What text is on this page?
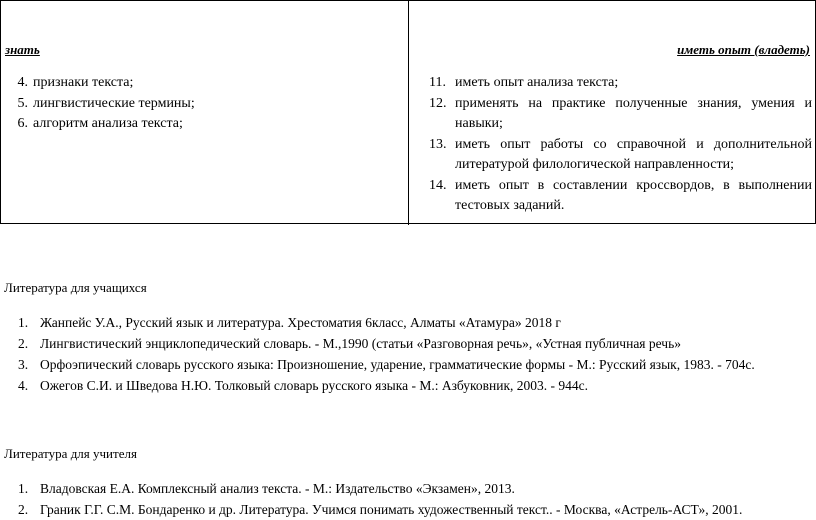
знать
4. признаки текста;
5. лингвистические термины;
6. алгоритм анализа текста;
иметь опыт (владеть)
11. иметь опыт анализа текста;
12. применять на практике полученные знания, умения и навыки;
13. иметь опыт работы со справочной и дополнительной литературой филологической направленности;
14. иметь опыт в составлении кроссвордов, в выполнении тестовых заданий.
Литература для учащихся
1. Жанпейс У.А., Русский язык и литература. Хрестоматия 6класс, Алматы «Атамура» 2018 г
2. Лингвистический энциклопедический словарь. - М.,1990 (статьи «Разговорная речь», «Устная публичная речь»
3. Орфоэпический словарь русского языка: Произношение, ударение, грамматические формы - М.: Русский язык, 1983. - 704с.
4. Ожегов С.И. и Шведова Н.Ю. Толковый словарь русского языка - М.: Азбуковник, 2003. - 944с.
Литература для учителя
1. Владовская Е.А. Комплексный анализ текста. - М.: Издательство «Экзамен», 2013.
2. Граник Г.Г. С.М. Бондаренко и др. Литература. Учимся понимать художественный текст.. - Москва, «Астрель-АСТ», 2001.
